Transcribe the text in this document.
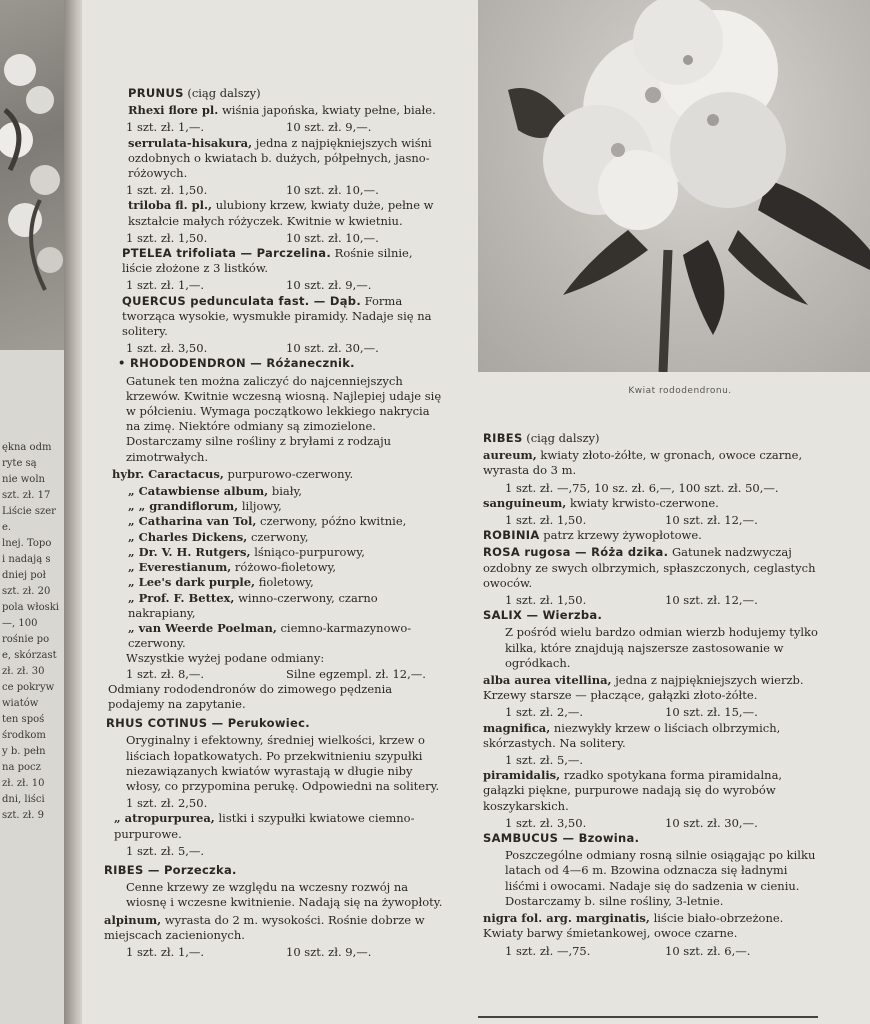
ękna odm
ryte są
nie woln
szt. zł. 17
Liście szer
e.
lnej. Topo
i nadają s
dniej poł
szt. zł. 20
pola włoski
—, 100
rośnie po
e, skórzast
zł. zł. 30
ce pokryw
wiatów
ten spoś
środkom
y b. pełn
na pocz
zł. zł. 10
dni, liści
szt. zł. 9
Kwiat rododendronu.
PRUNUS (ciąg dalszy)
Rhexi flore pl. wiśnia japońska, kwiaty pełne, białe.
1 szt. zł. 1,—.	10 szt. zł. 9,—.
serrulata-hisakura, jedna z najpiękniejszych wiśni ozdobnych o kwiatach b. dużych, półpełnych, jasno-różowych.
1 szt. zł. 1,50.	10 szt. zł. 10,—.
triloba fl. pl., ulubiony krzew, kwiaty duże, pełne w kształcie małych różyczek. Kwitnie w kwietniu.
1 szt. zł. 1,50.	10 szt. zł. 10,—.
PTELEA trifoliata — Parczelina. Rośnie silnie, liście złożone z 3 listków.
1 szt. zł. 1,—.	10 szt. zł. 9,—.
QUERCUS pedunculata fast. — Dąb. Forma tworząca wysokie, wysmukłe piramidy. Nadaje się na solitery.
1 szt. zł. 3,50.	10 szt. zł. 30,—.
• RHODODENDRON — Różanecznik.
Gatunek ten można zaliczyć do najcenniejszych krzewów. Kwitnie wczesną wiosną. Najlepiej udaje się w półcieniu. Wymaga początkowo lekkiego nakrycia na zimę. Niektóre odmiany są zimozielone. Dostarczamy silne rośliny z bryłami z rodzaju zimotrwałych.
hybr. Caractacus, purpurowo-czerwony.
„ Catawbiense album, biały,
„ „ grandiflorum, liljowy,
„ Catharina van Tol, czerwony, późno kwitnie,
„ Charles Dickens, czerwony,
„ Dr. V. H. Rutgers, lśniąco-purpurowy,
„ Everestianum, różowo-fioletowy,
„ Lee's dark purple, fioletowy,
„ Prof. F. Bettex, winno-czerwony, czarno nakrapiany,
„ van Weerde Poelman, ciemno-karmazynowo-czerwony.
Wszystkie wyżej podane odmiany:
1 szt. zł. 8,—.	Silne egzempl. zł. 12,—.
Odmiany rododendronów do zimowego pędzenia podajemy na zapytanie.
RHUS COTINUS — Perukowiec.
Oryginalny i efektowny, średniej wielkości, krzew o liściach łopatkowatych. Po przekwitnieniu szypułki niezawiązanych kwiatów wyrastają w długie niby włosy, co przypomina perukę. Odpowiedni na solitery.
1 szt. zł. 2,50.
„ atropurpurea, listki i szypułki kwiatowe ciemno-purpurowe.
1 szt. zł. 5,—.
RIBES — Porzeczka.
Cenne krzewy ze względu na wczesny rozwój na wiosnę i wczesne kwitnienie. Nadają się na żywopłoty.
alpinum, wyrasta do 2 m. wysokości. Rośnie dobrze w miejscach zacienionych.
1 szt. zł. 1,—.	10 szt. zł. 9,—.
RIBES (ciąg dalszy)
aureum, kwiaty złoto-żółte, w gronach, owoce czarne, wyrasta do 3 m.
1 szt. zł. —,75, 10 sz. zł. 6,—, 100 szt. zł. 50,—.
sanguineum, kwiaty krwisto-czerwone.
1 szt. zł. 1,50.	10 szt. zł. 12,—.
ROBINIA patrz krzewy żywopłotowe.
ROSA rugosa — Róża dzika. Gatunek nadzwyczaj ozdobny ze swych olbrzymich, spłaszczonych, ceglastych owoców.
1 szt. zł. 1,50.	10 szt. zł. 12,—.
SALIX — Wierzba.
Z pośród wielu bardzo odmian wierzb hodujemy tylko kilka, które znajdują najszersze zastosowanie w ogródkach.
alba aurea vitellina, jedna z najpiękniejszych wierzb. Krzewy starsze — płaczące, gałązki złoto-żółte.
1 szt. zł. 2,—.	10 szt. zł. 15,—.
magnifica, niezwykły krzew o liściach olbrzymich, skórzastych. Na solitery.
1 szt. zł. 5,—.
piramidalis, rzadko spotykana forma piramidalna, gałązki piękne, purpurowe nadają się do wyrobów koszykarskich.
1 szt. zł. 3,50.	10 szt. zł. 30,—.
SAMBUCUS — Bzowina.
Poszczególne odmiany rosną silnie osiągając po kilku latach od 4—6 m. Bzowina odznacza się ładnymi liśćmi i owocami. Nadaje się do sadzenia w cieniu. Dostarczamy b. silne rośliny, 3-letnie.
nigra fol. arg. marginatis, liście biało-obrzeżone. Kwiaty barwy śmietankowej, owoce czarne.
1 szt. zł. —,75.	10 szt. zł. 6,—.
